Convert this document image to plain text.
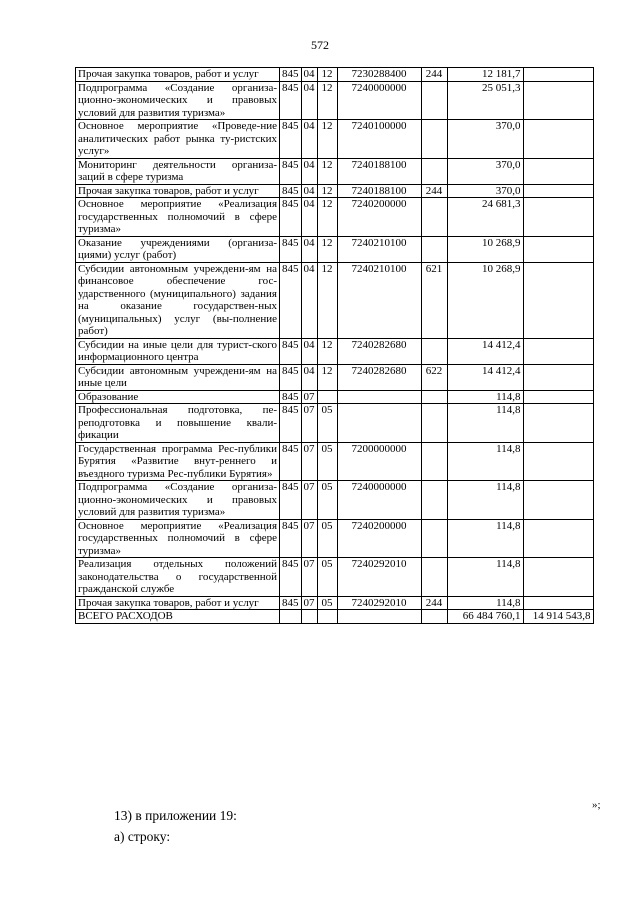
572
Прочая закупка товаров, работ и услуг	845	04	12	7230288400	244	12 181,7	
Подпрограмма «Создание организа-ционно-экономических и правовых условий для развития туризма»	845	04	12	7240000000		25 051,3	
Основное мероприятие «Проведе-ние аналитических работ рынка ту-ристских услуг»	845	04	12	7240100000		370,0	
Мониторинг деятельности организа-заций в сфере туризма	845	04	12	7240188100		370,0	
Прочая закупка товаров, работ и услуг	845	04	12	7240188100	244	370,0	
Основное мероприятие «Реализация государственных полномочий в сфере туризма»	845	04	12	7240200000		24 681,3	
Оказание учреждениями (организа-циями) услуг (работ)	845	04	12	7240210100		10 268,9	
Субсидии автономным учреждени-ям на финансовое обеспечение гос-ударственного (муниципального) задания на оказание государствен-ных (муниципальных) услуг (вы-полнение работ)	845	04	12	7240210100	621	10 268,9	
Субсидии на иные цели для турист-ского информационного центра	845	04	12	7240282680		14 412,4	
Субсидии автономным учреждени-ям на иные цели	845	04	12	7240282680	622	14 412,4	
Образование	845	07				114,8	
Профессиональная подготовка, пе-реподготовка и повышение квали-фикации	845	07	05			114,8	
Государственная программа Рес-публики Бурятия «Развитие внут-реннего и въездного туризма Рес-публики Бурятия»	845	07	05	7200000000		114,8	
Подпрограмма «Создание организа-ционно-экономических и правовых условий для развития туризма»	845	07	05	7240000000		114,8	
Основное мероприятие «Реализация государственных полномочий в сфере туризма»	845	07	05	7240200000		114,8	
Реализация отдельных положений законодательства о государственной гражданской службе	845	07	05	7240292010		114,8	
Прочая закупка товаров, работ и услуг	845	07	05	7240292010	244	114,8	
ВСЕГО РАСХОДОВ						66 484 760,1	14 914 543,8
»;
13) в приложении 19:
а) строку:
